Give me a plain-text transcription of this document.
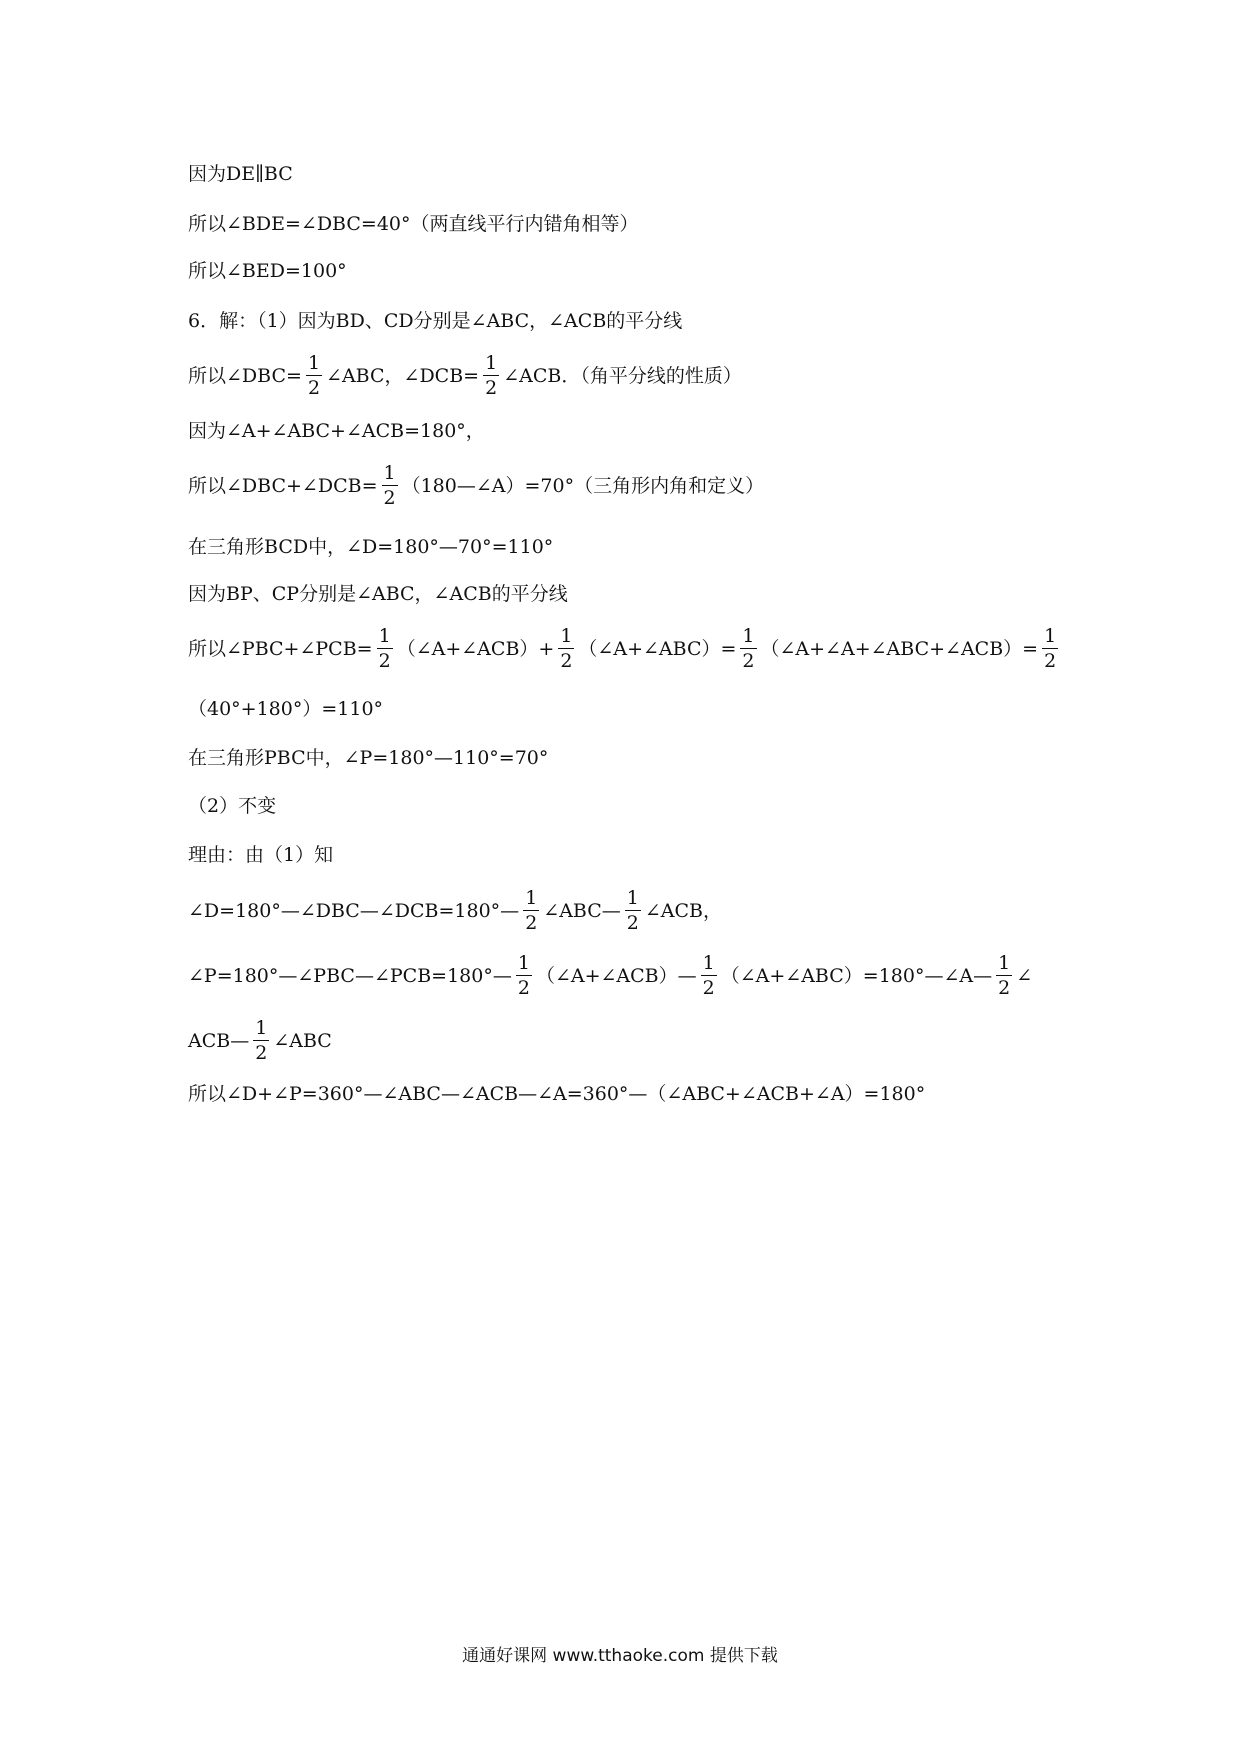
因为DE∥BC
所以∠BDE=∠DBC=40°（两直线平行内错角相等）
所以∠BED=100°
6．解：（1）因为BD、CD分别是∠ABC，∠ACB的平分线
所以∠DBC= $\frac{1}{2}$ ∠ABC，∠DCB= $\frac{1}{2}$ ∠ACB．（角平分线的性质）
因为∠A+∠ABC+∠ACB=180°，
所以∠DBC+∠DCB= $\frac{1}{2}$ （180—∠A）=70°（三角形内角和定义）
在三角形BCD中，∠D=180°—70°=110°
因为BP、CP分别是∠ABC，∠ACB的平分线
所以∠PBC+∠PCB= $\frac{1}{2}$ （∠A+∠ACB）+ $\frac{1}{2}$ （∠A+∠ABC）= $\frac{1}{2}$ （∠A+∠A+∠ABC+∠ACB）= $\frac{1}{2}$
（40°+180°）=110°
在三角形PBC中，∠P=180°—110°=70°
（2）不变
理由：由（1）知
∠D=180°—∠DBC—∠DCB=180°— $\frac{1}{2}$ ∠ABC— $\frac{1}{2}$ ∠ACB，
∠P=180°—∠PBC—∠PCB=180°— $\frac{1}{2}$ （∠A+∠ACB）— $\frac{1}{2}$ （∠A+∠ABC）=180°—∠A— $\frac{1}{2}$ ∠
ACB— $\frac{1}{2}$ ∠ABC
所以∠D+∠P=360°—∠ABC—∠ACB—∠A=360°—（∠ABC+∠ACB+∠A）=180°
通通好课网 www.tthaoke.com 提供下载
